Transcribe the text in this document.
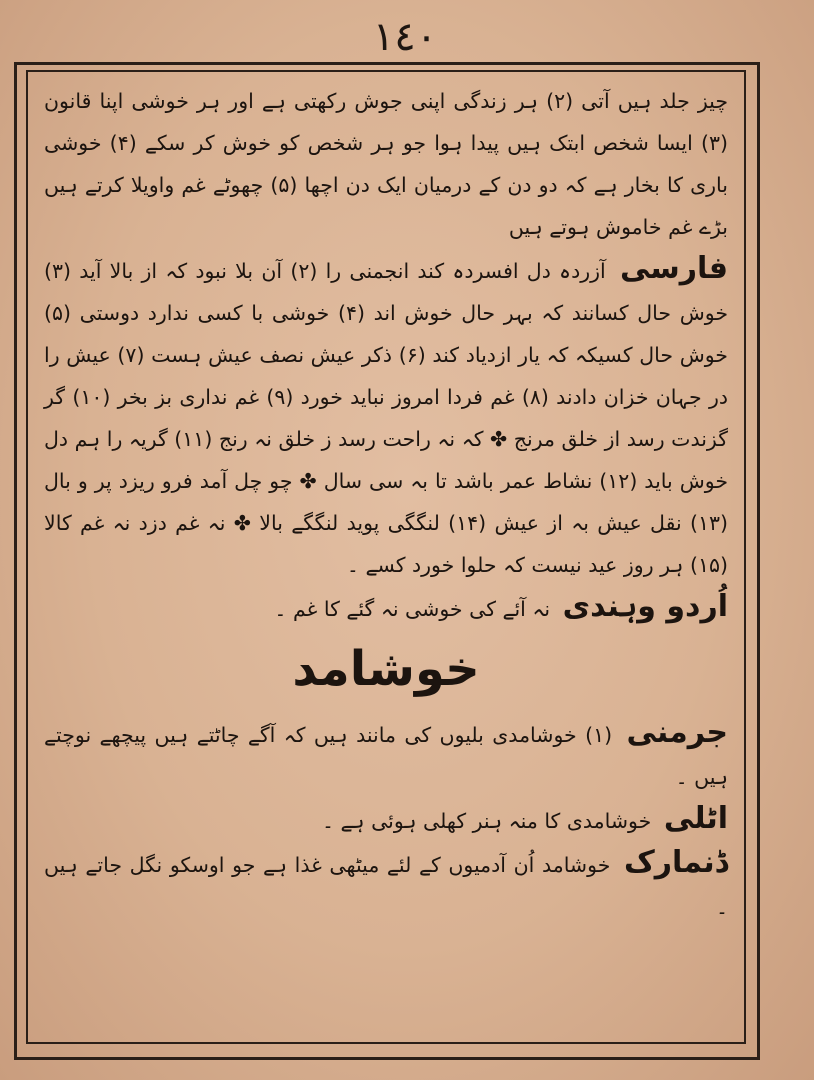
١٤٠

چیز جلد ہیں آتی (۲) ہر زندگی اپنی جوش رکھتی ہے اور ہر خوشی اپنا قانون (۳) ایسا شخص ابتک ہیں پیدا ہوا جو ہر شخص کو خوش کر سکے (۴) خوشی باری کا بخار ہے کہ دو دن کے درمیان ایک دن اچھا (۵) چھوٹے غم واویلا کرتے ہیں بڑے غم خاموش ہوتے ہیں

فارسی آزردہ دل افسردہ کند انجمنی را (۲) آن بلا نبود کہ از بالا آید (۳) خوش حال کسانند کہ بہر حال خوش اند (۴) خوشی با کسی ندارد دوستی (۵) خوش حال کسیکہ کہ یار ازدیاد کند (۶) ذکر عیش نصف عیش ہست (۷) عیش را در جہان خزان دادند (۸) غم فردا امروز نباید خورد (۹) غم نداری بز بخر (۱۰) گر گزندت رسد از خلق مرنج ✤ کہ نہ راحت رسد ز خلق نہ رنج (۱۱) گریہ را ہم دل خوش باید (۱۲) نشاط عمر باشد تا بہ سی سال ✤ چو چل آمد فرو ریزد پر و بال (۱۳) نقل عیش بہ از عیش (۱۴) لنگگی پوید لنگگے بالا ✤ نہ غم دزد نہ غم کالا (۱۵) ہر روز عید نیست کہ حلوا خورد کسے ۔

اُردو وہندی نہ آئے کی خوشی نہ گئے کا غم ۔

خوشامد

جرمنی (۱) خوشامدی بلیوں کی مانند ہیں کہ آگے چاٹتے ہیں پیچھے نوچتے ہیں ۔

اٹلی خوشامدی کا منہ ہنر کھلی ہوئی ہے ۔

ڈنمارک خوشامد اُن آدمیوں کے لئے میٹھی غذا ہے جو اوسکو نگل جاتے ہیں ۔
